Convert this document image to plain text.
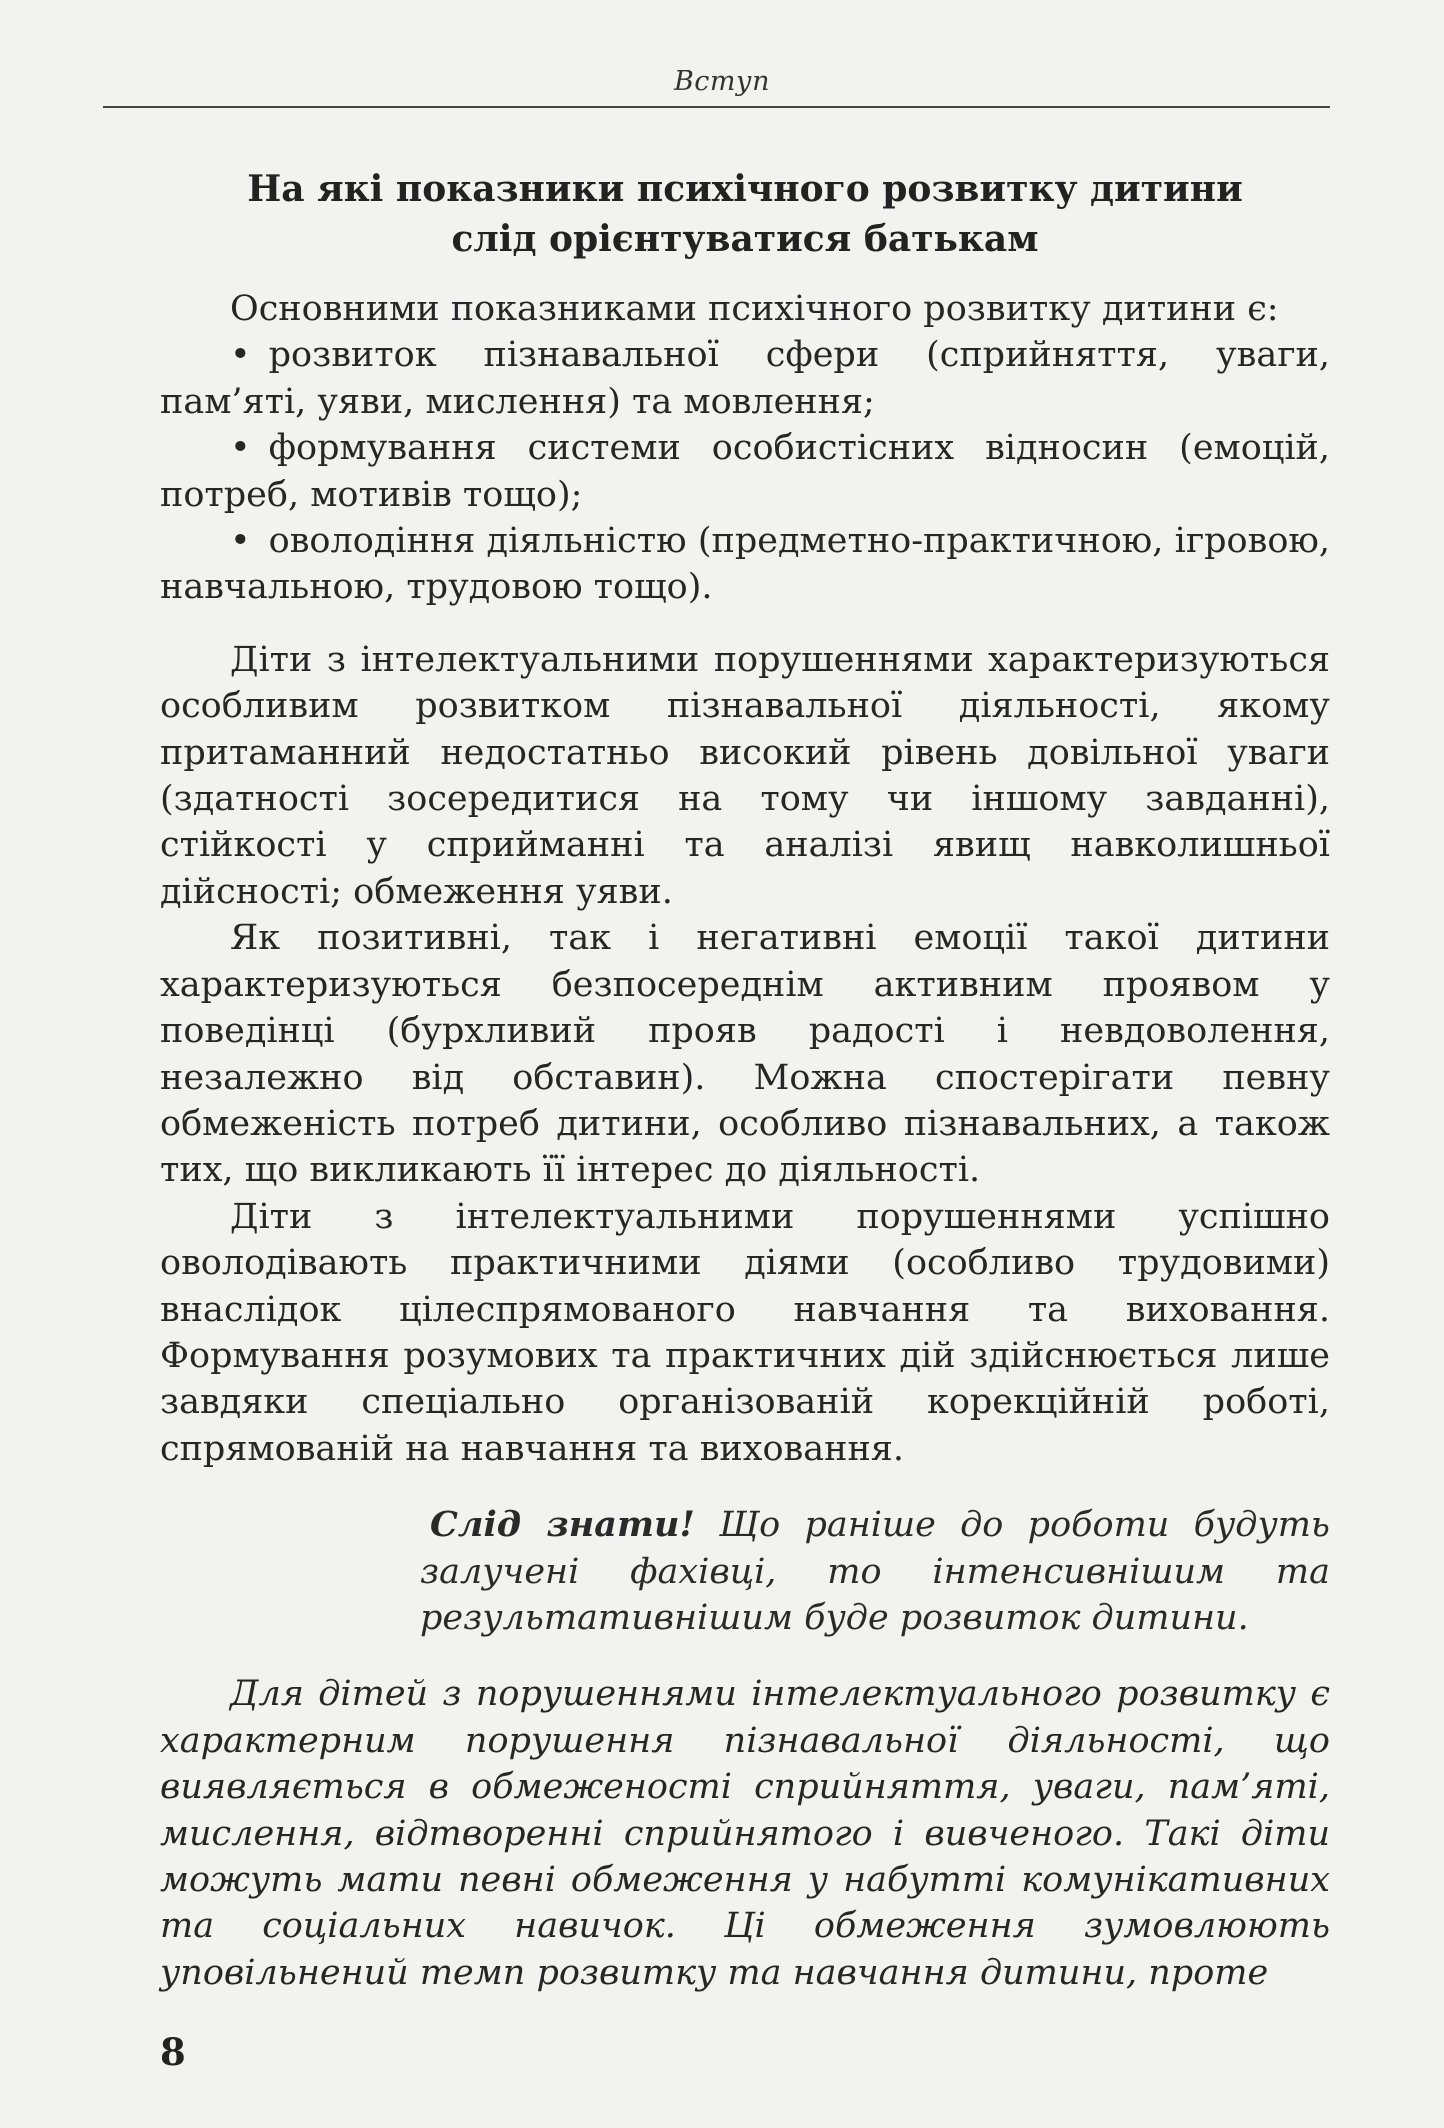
Вступ
На які показники психічного розвитку дитини
слід орієнтуватися батькам

Основними показниками психічного розвитку дитини є:

• розвиток пізнавальної сфери (сприйняття, уваги, пам’яті, уяви, мислення) та мовлення;
• формування системи особистісних відносин (емоцій, потреб, мотивів тощо);
• оволодіння діяльністю (предметно-практичною, ігровою, навчальною, трудовою тощо).

Діти з інтелектуальними порушеннями характеризуються особливим розвитком пізнавальної діяльності, якому притаманний недостатньо високий рівень довільної уваги (здатності зосередитися на тому чи іншому завданні), стійкості у сприйманні та аналізі явищ навколишньої дійсності; обмеження уяви.

Як позитивні, так і негативні емоції такої дитини характеризуються безпосереднім активним проявом у поведінці (бурхливий прояв радості і невдоволення, незалежно від обставин). Можна спостерігати певну обмеженість потреб дитини, особливо пізнавальних, а також тих, що викликають її інтерес до діяльності.

Діти з інтелектуальними порушеннями успішно оволодівають практичними діями (особливо трудовими) внаслідок цілеспрямованого навчання та виховання. Формування розумових та практичних дій здійснюється лише завдяки спеціально організованій корекційній роботі, спрямованій на навчання та виховання.

Слід знати! Що раніше до роботи будуть залучені фахівці, то інтенсивнішим та результативнішим буде розвиток дитини.

Для дітей з порушеннями інтелектуального розвитку є характерним порушення пізнавальної діяльності, що виявляється в обмеженості сприйняття, уваги, пам’яті, мислення, відтворенні сприйнятого і вивченого. Такі діти можуть мати певні обмеження у набутті комунікативних та соціальних навичок. Ці обмеження зумовлюють уповільнений темп розвитку та навчання дитини, проте

8
